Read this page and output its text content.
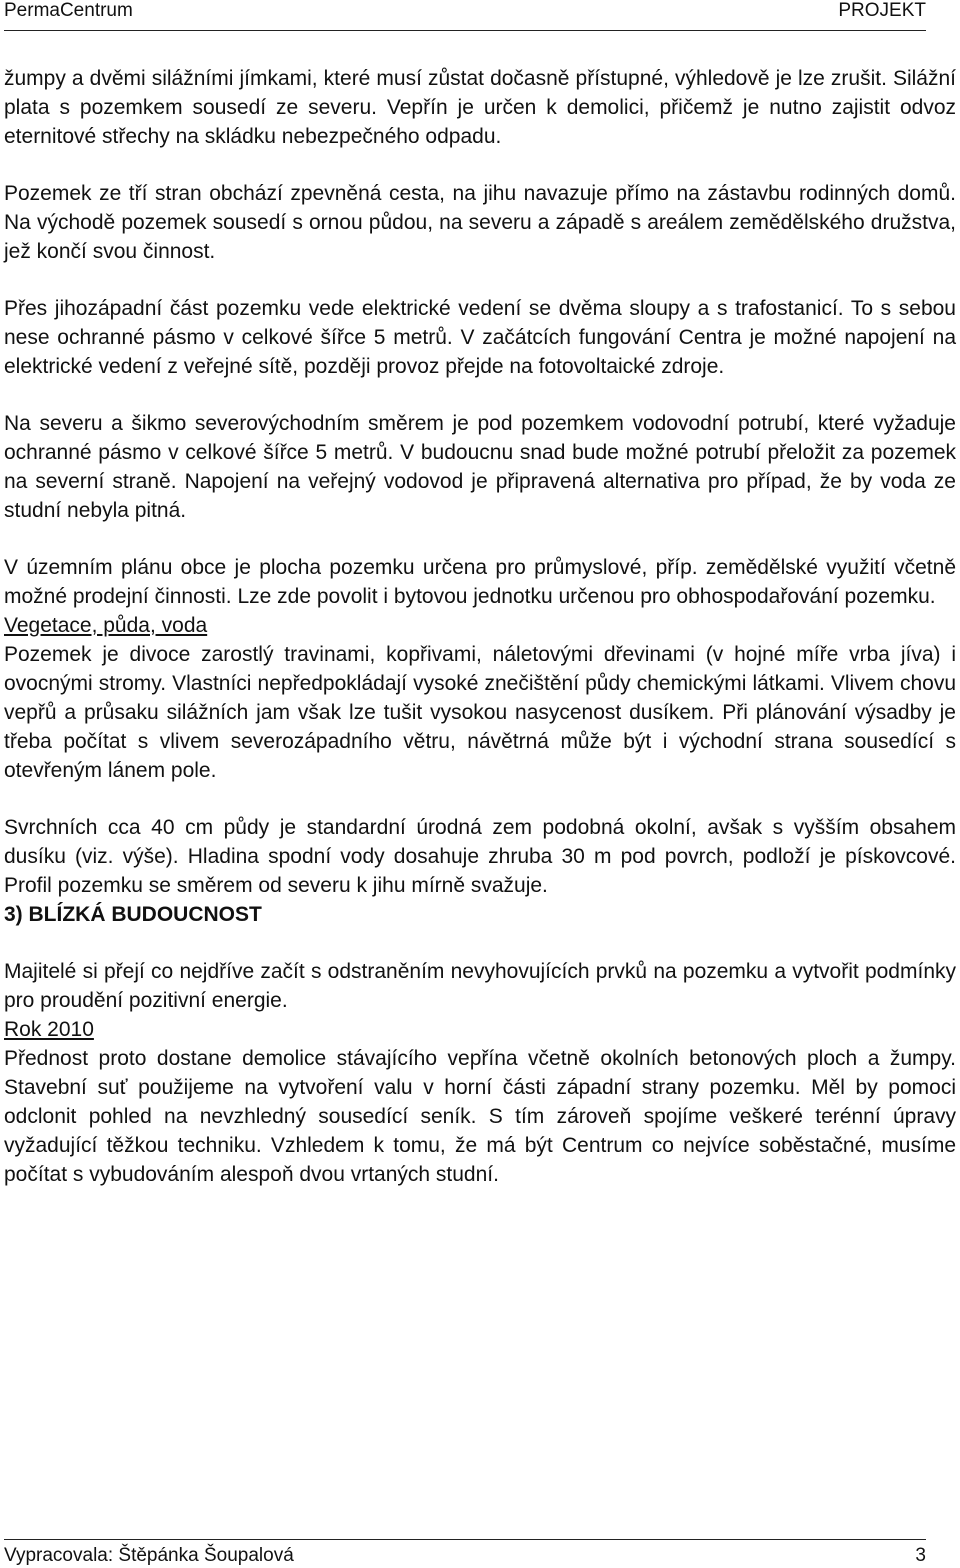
PermaCentrum	PROJEKT

žumpy a dvěmi silážními jímkami, které musí zůstat dočasně přístupné, výhledově je lze zrušit. Silážní plata s pozemkem sousedí ze severu. Vepřín je určen k demolici, přičemž je nutno zajistit odvoz eternitové střechy na skládku nebezpečného odpadu.

Pozemek ze tří stran obchází zpevněná cesta, na jihu navazuje přímo na zástavbu rodinných domů. Na východě pozemek sousedí s ornou půdou, na severu a západě s areálem zemědělského družstva, jež končí svou činnost.

Přes jihozápadní část pozemku vede elektrické vedení se dvěma sloupy a s trafostanicí. To s sebou nese ochranné pásmo v celkové šířce 5 metrů. V začátcích fungování Centra je možné napojení na elektrické vedení z veřejné sítě, později provoz přejde na fotovoltaické zdroje.

Na severu a šikmo severovýchodním směrem je pod pozemkem vodovodní potrubí, které vyžaduje ochranné pásmo v celkové šířce 5 metrů. V budoucnu snad bude možné potrubí přeložit za pozemek na severní straně. Napojení na veřejný vodovod je připravená alternativa pro případ, že by voda ze studní nebyla pitná.

V územním plánu obce je plocha pozemku určena pro průmyslové, příp. zemědělské využití včetně možné prodejní činnosti. Lze zde povolit i bytovou jednotku určenou pro obhospodařování pozemku.

Vegetace, půda, voda

Pozemek je divoce zarostlý travinami, kopřivami, náletovými dřevinami (v hojné míře vrba jíva) i ovocnými stromy. Vlastníci nepředpokládají vysoké znečištění půdy chemickými látkami. Vlivem chovu vepřů a průsaku silážních jam však lze tušit vysokou nasycenost dusíkem. Při plánování výsadby je třeba počítat s vlivem severozápadního větru, návětrná může být i východní strana sousedící s otevřeným lánem pole.

Svrchních cca 40 cm půdy je standardní úrodná zem podobná okolní, avšak s vyšším obsahem dusíku (viz. výše). Hladina spodní vody dosahuje zhruba 30 m pod povrch, podloží je pískovcové. Profil pozemku se směrem od severu k jihu mírně svažuje.

3) BLÍZKÁ BUDOUCNOST

Majitelé si přejí co nejdříve začít s odstraněním nevyhovujících prvků na pozemku a vytvořit podmínky pro proudění pozitivní energie.

Rok 2010

Přednost proto dostane demolice stávajícího vepřína včetně okolních betonových ploch a žumpy. Stavební suť použijeme na vytvoření valu v horní části západní strany pozemku. Měl by pomoci odclonit pohled na nevzhledný sousedící seník. S tím zároveň spojíme veškeré terénní úpravy vyžadující těžkou techniku. Vzhledem k tomu, že má být Centrum co nejvíce soběstačné, musíme počítat s vybudováním alespoň dvou vrtaných studní.

Vypracovala: Štěpánka Šoupalová	3
